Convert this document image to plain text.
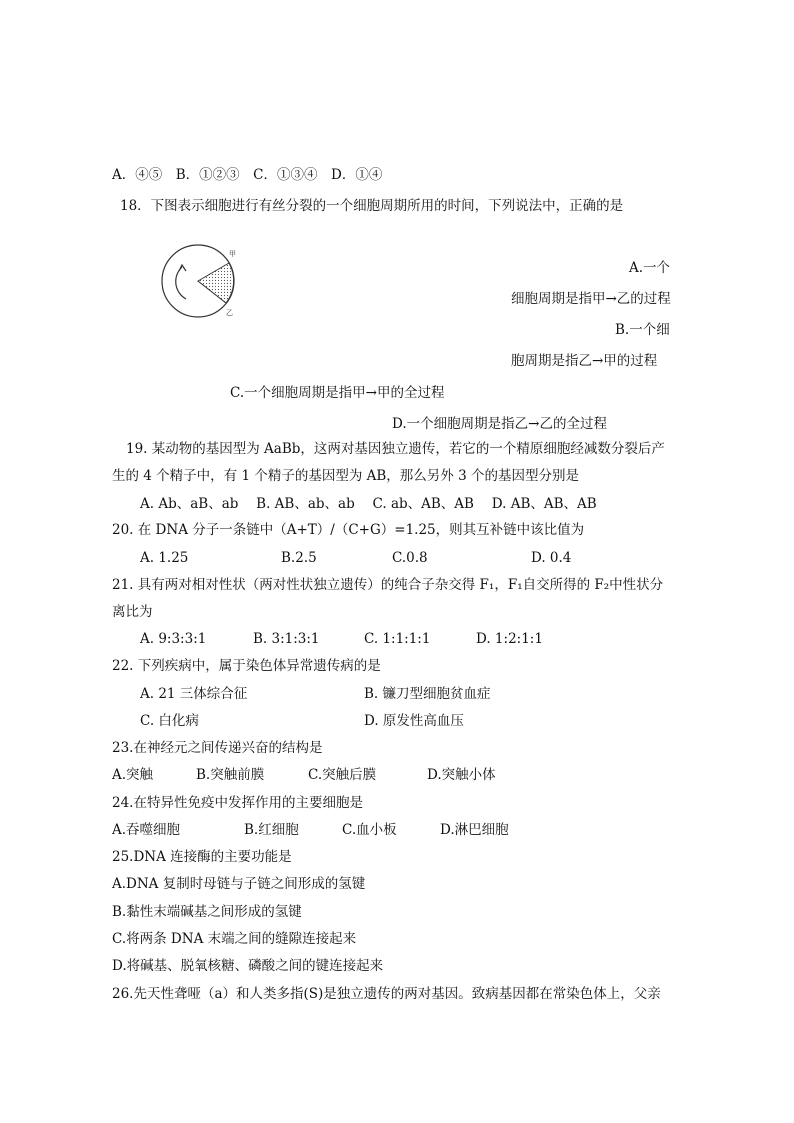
A．④⑤　B．①②③　C．①③④　D．①④
18．下图表示细胞进行有丝分裂的一个细胞周期所用的时间，下列说法中，正确的是
甲
乙
A.一个
细胞周期是指甲→乙的过程
B.一个细
胞周期是指乙→甲的过程
C.一个细胞周期是指甲→甲的全过程
D.一个细胞周期是指乙→乙的全过程
19. 某动物的基因型为 AaBb，这两对基因独立遗传，若它的一个精原细胞经减数分裂后产
生的 4 个精子中，有 1 个精子的基因型为 AB，那么另外 3 个的基因型分别是
A. Ab、aB、ab　 B. AB、ab、ab　 C. ab、AB、AB　 D. AB、AB、AB
20. 在 DNA 分子一条链中（A+T）/（C+G）=1.25，则其互补链中该比值为
A. 1.25	B.2.5	C.0.8	D. 0.4
21. 具有两对相对性状（两对性状独立遗传）的纯合子杂交得 F₁，F₁自交所得的 F₂中性状分
离比为
A. 9:3:3:1	B. 3:1:3:1	C. 1:1:1:1	D. 1:2:1:1
22. 下列疾病中，属于染色体异常遗传病的是
A. 21 三体综合征	B. 镰刀型细胞贫血症
C. 白化病	D. 原发性高血压
23.在神经元之间传递兴奋的结构是
A.突触	B.突触前膜	C.突触后膜	D.突触小体
24.在特异性免疫中发挥作用的主要细胞是
A.吞噬细胞	B.红细胞	C.血小板	D.淋巴细胞
25.DNA 连接酶的主要功能是
A.DNA 复制时母链与子链之间形成的氢键
B.黏性末端碱基之间形成的氢键
C.将两条 DNA 末端之间的缝隙连接起来
D.将碱基、脱氧核糖、磷酸之间的键连接起来
26.先天性聋哑（a）和人类多指(S)是独立遗传的两对基因。致病基因都在常染色体上，父亲
